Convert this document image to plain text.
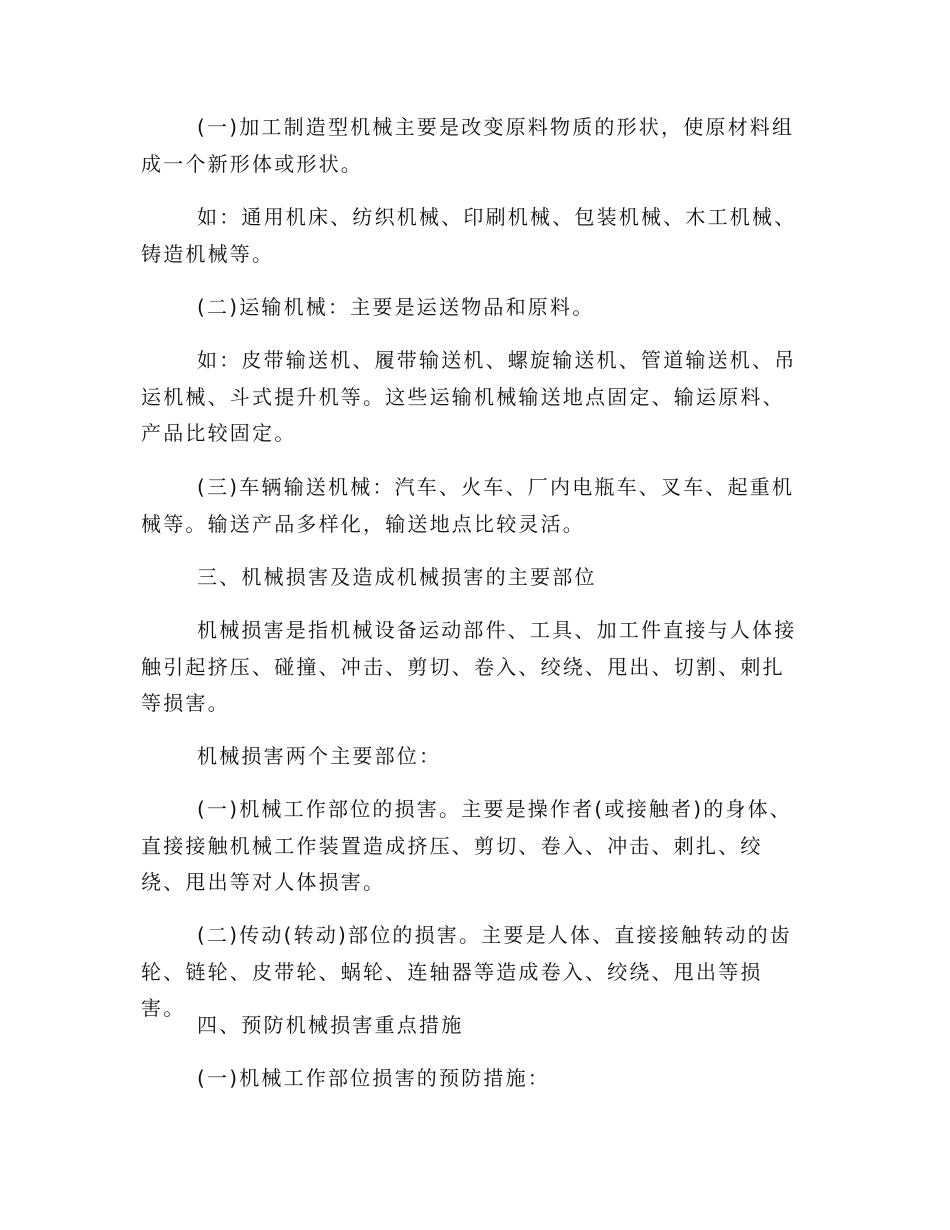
(一)加工制造型机械主要是改变原料物质的形状，使原材料组成一个新形体或形状。

如：通用机床、纺织机械、印刷机械、包装机械、木工机械、铸造机械等。

(二)运输机械：主要是运送物品和原料。

如：皮带输送机、履带输送机、螺旋输送机、管道输送机、吊运机械、斗式提升机等。这些运输机械输送地点固定、输运原料、产品比较固定。

(三)车辆输送机械：汽车、火车、厂内电瓶车、叉车、起重机械等。输送产品多样化，输送地点比较灵活。

三、机械损害及造成机械损害的主要部位

机械损害是指机械设备运动部件、工具、加工件直接与人体接触引起挤压、碰撞、冲击、剪切、卷入、绞绕、甩出、切割、刺扎等损害。

机械损害两个主要部位：

(一)机械工作部位的损害。主要是操作者(或接触者)的身体、直接接触机械工作装置造成挤压、剪切、卷入、冲击、刺扎、绞绕、甩出等对人体损害。

(二)传动(转动)部位的损害。主要是人体、直接接触转动的齿轮、链轮、皮带轮、蜗轮、连轴器等造成卷入、绞绕、甩出等损害。

四、预防机械损害重点措施

(一)机械工作部位损害的预防措施：
